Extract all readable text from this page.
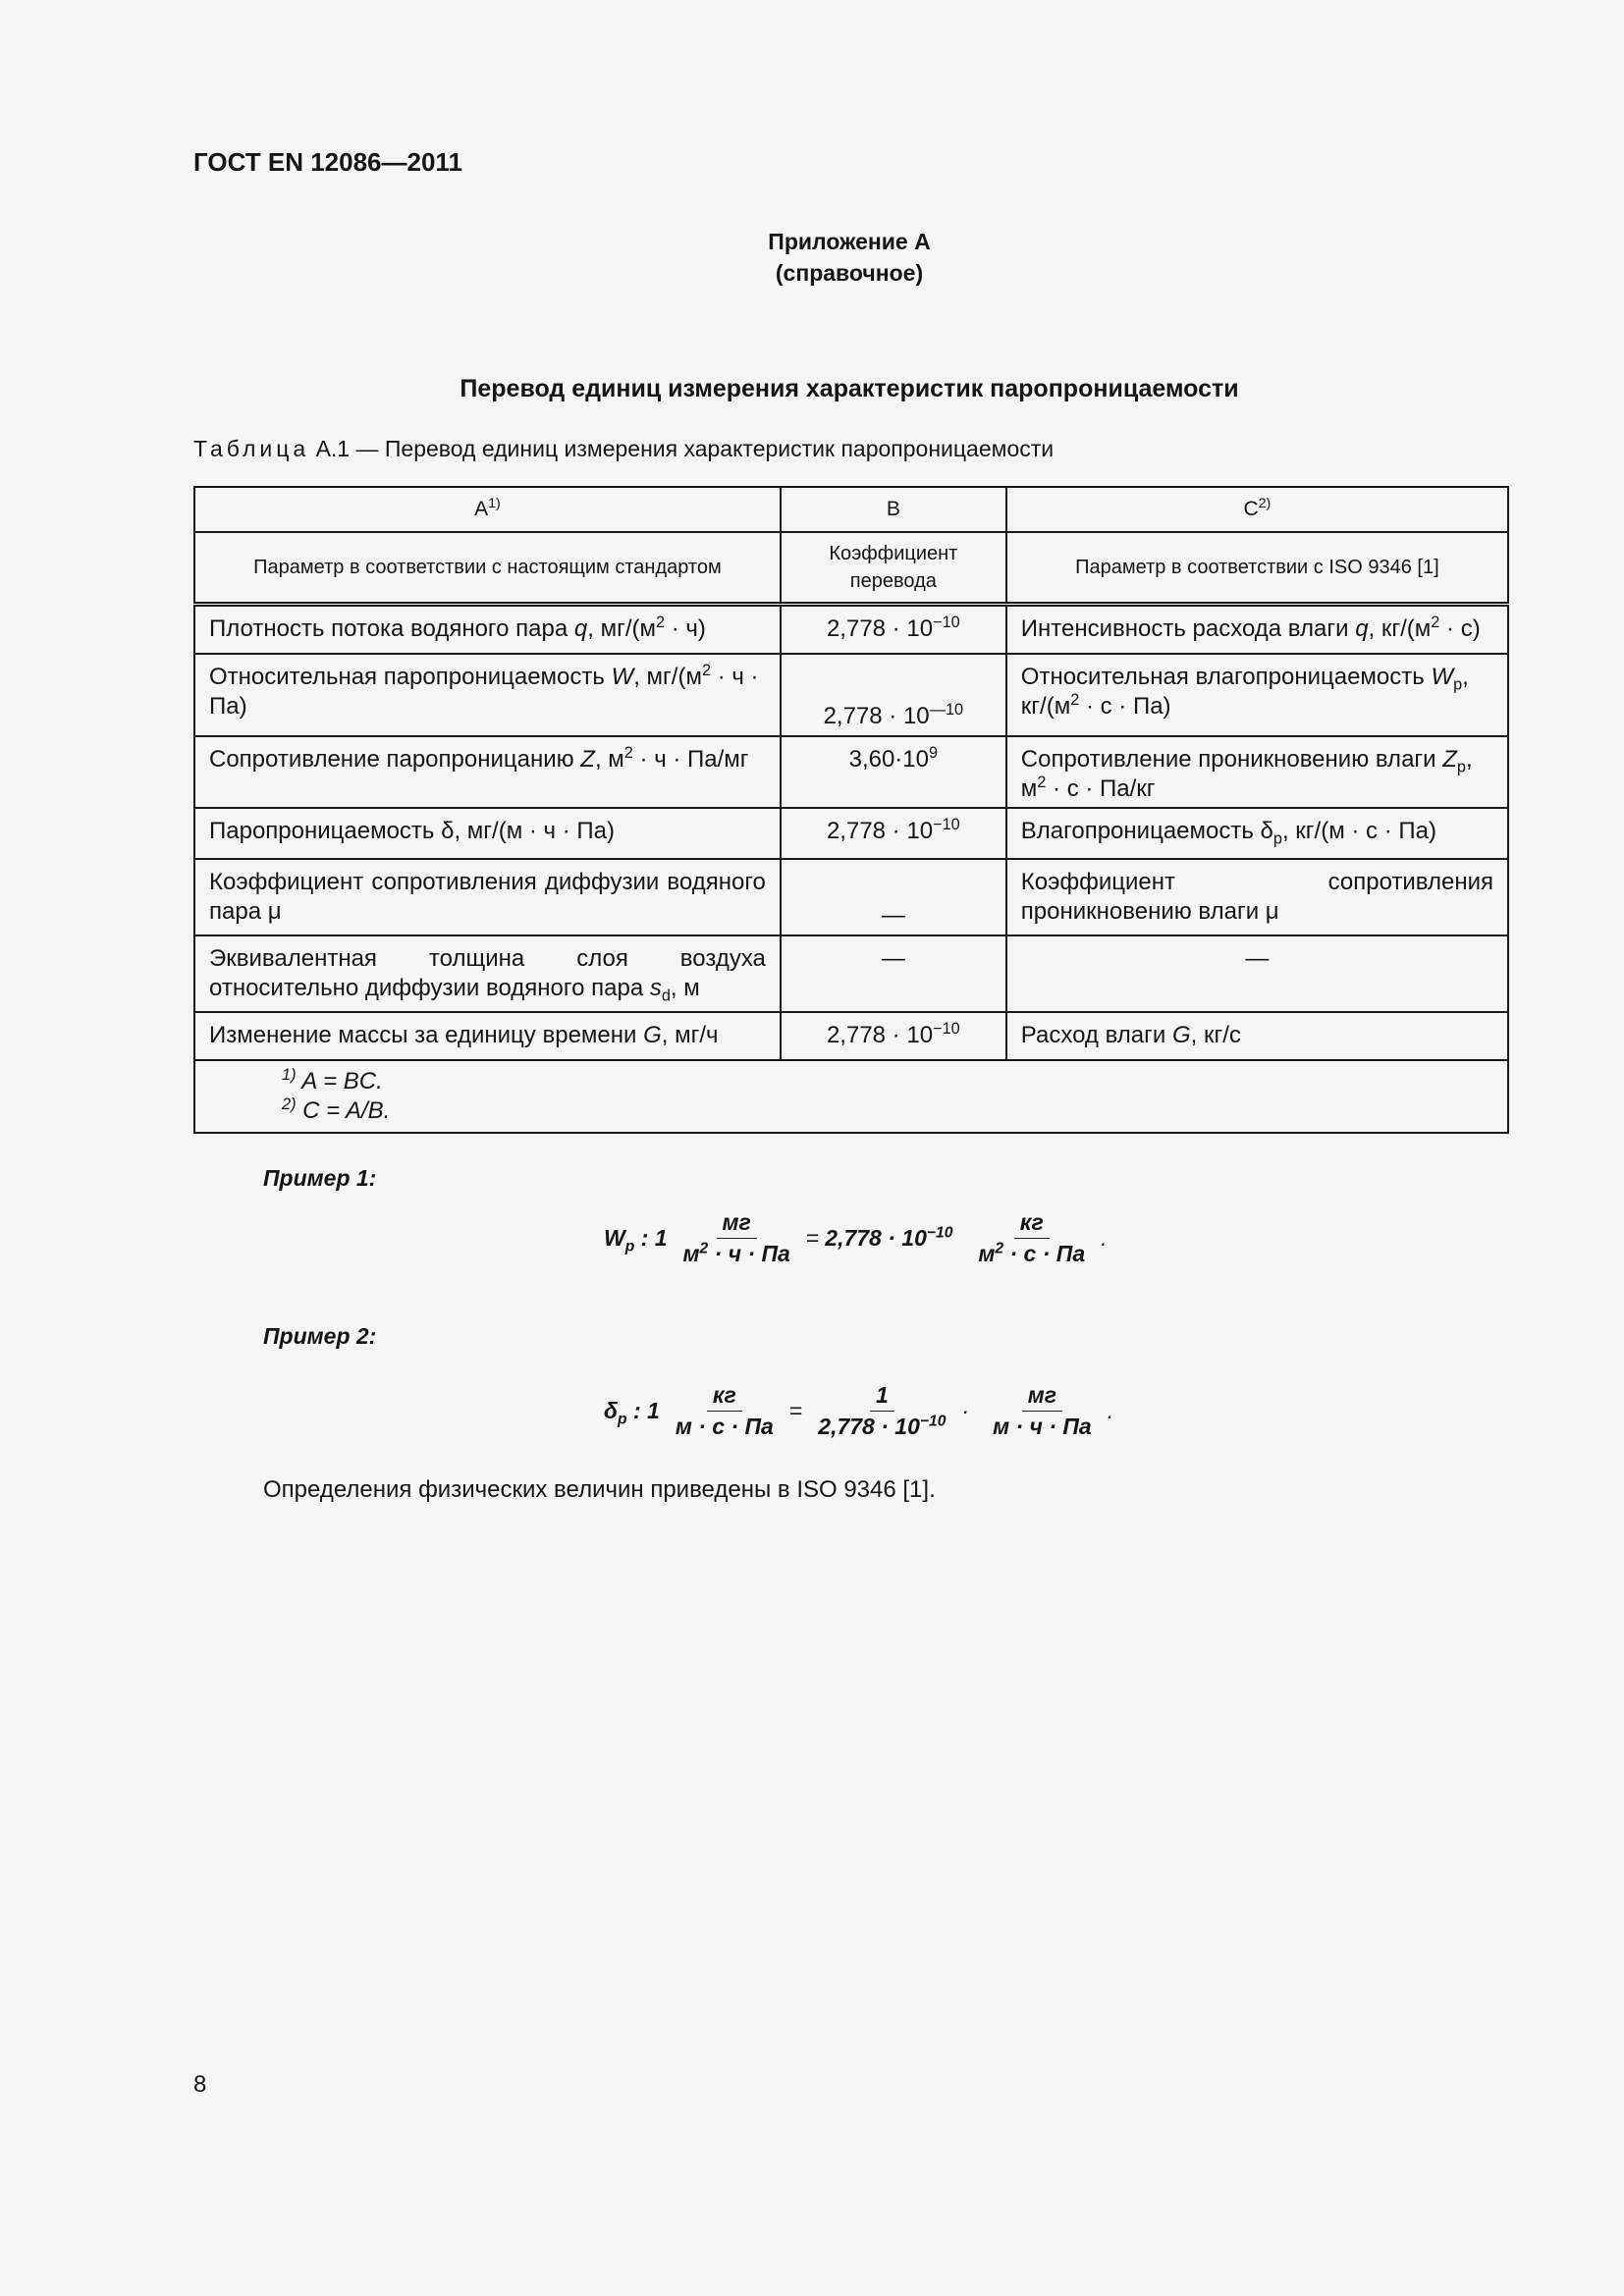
ГОСТ EN 12086—2011
Приложение А
(справочное)
Перевод единиц измерения характеристик паропроницаемости
Таблица А.1 — Перевод единиц измерения характеристик паропроницаемости
$A^{1)}$	B	$C^{2)}$
Параметр в соответствии с настоящим стандартом	Коэффициент перевода	Параметр в соответствии с ISO 9346 [1]
Плотность потока водяного пара q, $мг/(м^2 \cdot ч)$	$2,778 \cdot 10^{-10}$	Интенсивность расхода влаги q, $кг/(м^2 \cdot с)$
Относительная паропроницаемость W, $мг/(м^2 \cdot ч \cdot Па)$	$2,778 \cdot 10^{—10}$	Относительная влагопроницаемость $W_p$, $кг/(м^2 \cdot с \cdot Па)$
Сопротивление паропроницанию Z, $м^2 \cdot ч \cdot Па/мг$	$3,60\cdot 10^9$	Сопротивление проникновению влаги $Z_p$, $м^2 \cdot с \cdot Па/кг$
Паропроницаемость δ, мг/(м · ч · Па)	$2,778 \cdot 10^{-10}$	Влагопроницаемость $\delta_p$, кг/(м · с · Па)
Коэффициент сопротивления диффузии водяного пара μ	—	Коэффициент сопротивления проникновению влаги μ
Эквивалентная толщина слоя воздуха относительно диффузии водяного пара $s_d$, м	—	—
Изменение массы за единицу времени G, мг/ч	$2,778 \cdot 10^{-10}$	Расход влаги G, кг/с

$^{1)}$ A = BC.
$^{2)}$ C = A/B.		
Пример 1:
$W_p$ : $1 \frac{мг}{м^2 \cdot ч \cdot Па} = 2,778 \cdot 10^{-10} \frac{кг}{м^2 \cdot с \cdot Па}$ .
Пример 2:
$\delta_p$ : $1 \frac{кг}{м \cdot с \cdot Па} = \frac{1}{2,778 \cdot 10^{-10}} \cdot \frac{мг}{м \cdot ч \cdot Па}$ .
Определения физических величин приведены в ISO 9346 [1].
8
